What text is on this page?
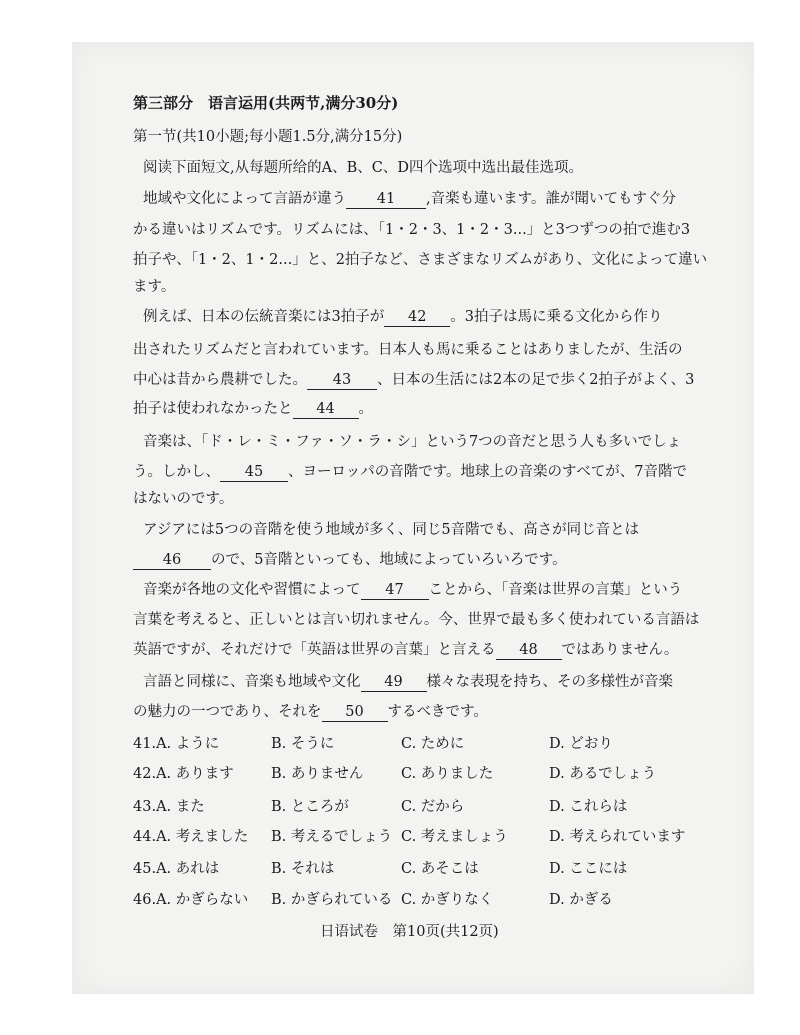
第三部分　语言运用(共两节,满分30分)
第一节(共10小题;每小题1.5分,满分15分)
阅读下面短文,从每题所给的A、B、C、D四个选项中选出最佳选项。
地域や文化によって言語が違う 41 ,音楽も違います。誰が聞いてもすぐ分
かる違いはリズムです。リズムには、「1・2・3、1・2・3...」と3つずつの拍で進む3
拍子や、「1・2、1・2...」と、2拍子など、さまざまなリズムがあり、文化によって違い
ます。
例えば、日本の伝統音楽には3拍子が 42 。3拍子は馬に乗る文化から作り
出されたリズムだと言われています。日本人も馬に乗ることはありましたが、生活の
中心は昔から農耕でした。 43 、日本の生活には2本の足で歩く2拍子がよく、3
拍子は使われなかったと 44 。
音楽は、「ド・レ・ミ・ファ・ソ・ラ・シ」という7つの音だと思う人も多いでしょ
う。しかし、 45 、ヨーロッパの音階です。地球上の音楽のすべてが、7音階で
はないのです。
アジアには5つの音階を使う地域が多く、同じ5音階でも、高さが同じ音とは
46 ので、5音階といっても、地域によっていろいろです。
音楽が各地の文化や習慣によって 47 ことから、「音楽は世界の言葉」という
言葉を考えると、正しいとは言い切れません。今、世界で最も多く使われている言語は
英語ですが、それだけで「英語は世界の言葉」と言える 48 ではありません。
言語と同様に、音楽も地域や文化 49 様々な表現を持ち、その多様性が音楽
の魅力の一つであり、それを 50 するべきです。
41.A. ように	B. そうに	C. ために	D. どおり
42.A. あります	B. ありません	C. ありました	D. あるでしょう
43.A. また	B. ところが	C. だから	D. これらは
44.A. 考えました B. 考えるでしょう C. 考えましょう	D. 考えられています
45.A. あれは	B. それは	C. あそこは	D. ここには
46.A. かぎらない B. かぎられている C. かぎりなく	D. かぎる
日语试卷　第10页(共12页)
